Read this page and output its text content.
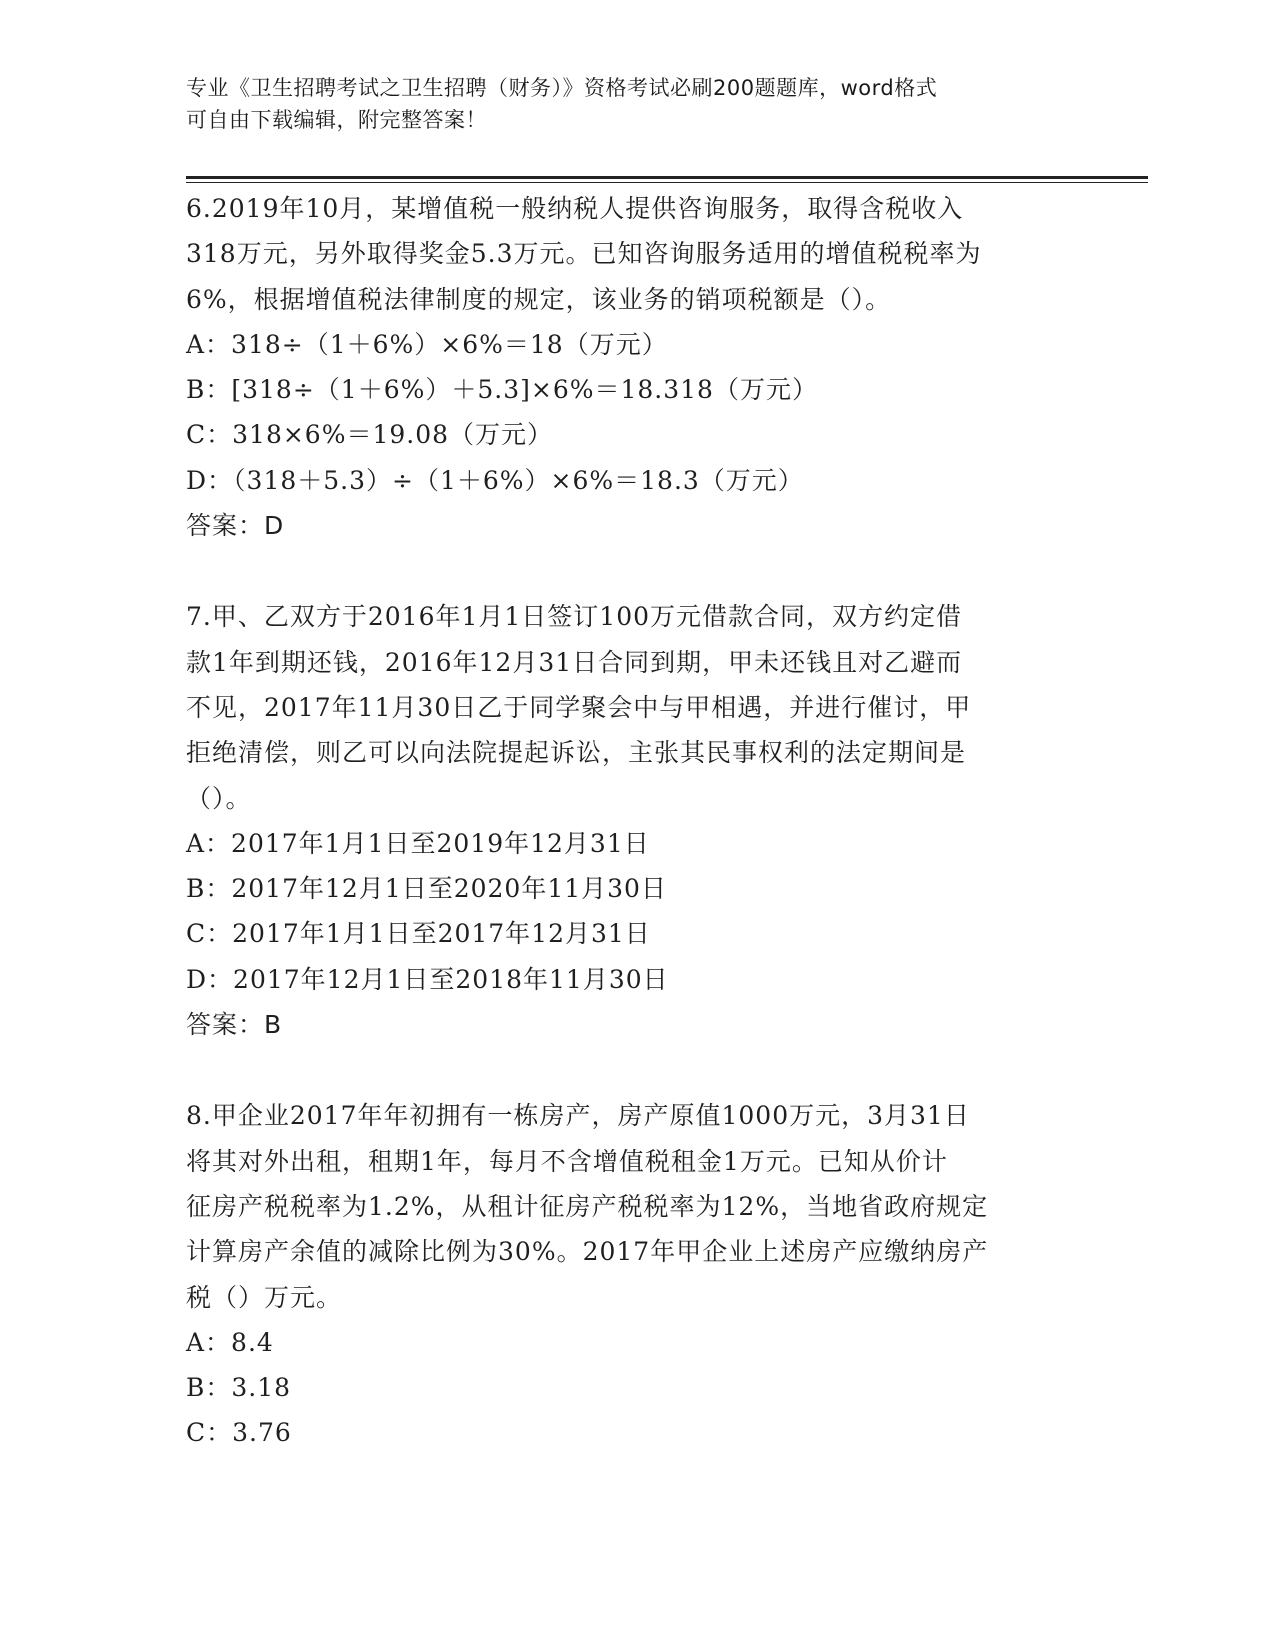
专业《卫生招聘考试之卫生招聘（财务）》资格考试必刷200题题库，word格式
可自由下载编辑，附完整答案！
6.2019年10月，某增值税一般纳税人提供咨询服务，取得含税收入
318万元，另外取得奖金5.3万元。已知咨询服务适用的增值税税率为
6%，根据增值税法律制度的规定，该业务的销项税额是（）。
A：318÷（1＋6%）×6%＝18（万元）
B：[318÷（1＋6%）＋5.3]×6%＝18.318（万元）
C：318×6%＝19.08（万元）
D：（318＋5.3）÷（1＋6%）×6%＝18.3（万元）
答案：D
7.甲、乙双方于2016年1月1日签订100万元借款合同，双方约定借
款1年到期还钱，2016年12月31日合同到期，甲未还钱且对乙避而
不见，2017年11月30日乙于同学聚会中与甲相遇，并进行催讨，甲
拒绝清偿，则乙可以向法院提起诉讼，主张其民事权利的法定期间是
（）。
A：2017年1月1日至2019年12月31日
B：2017年12月1日至2020年11月30日
C：2017年1月1日至2017年12月31日
D：2017年12月1日至2018年11月30日
答案：B
8.甲企业2017年年初拥有一栋房产，房产原值1000万元，3月31日
将其对外出租，租期1年，每月不含增值税租金1万元。已知从价计
征房产税税率为1.2%，从租计征房产税税率为12%，当地省政府规定
计算房产余值的减除比例为30%。2017年甲企业上述房产应缴纳房产
税（）万元。
A：8.4
B：3.18
C：3.76
